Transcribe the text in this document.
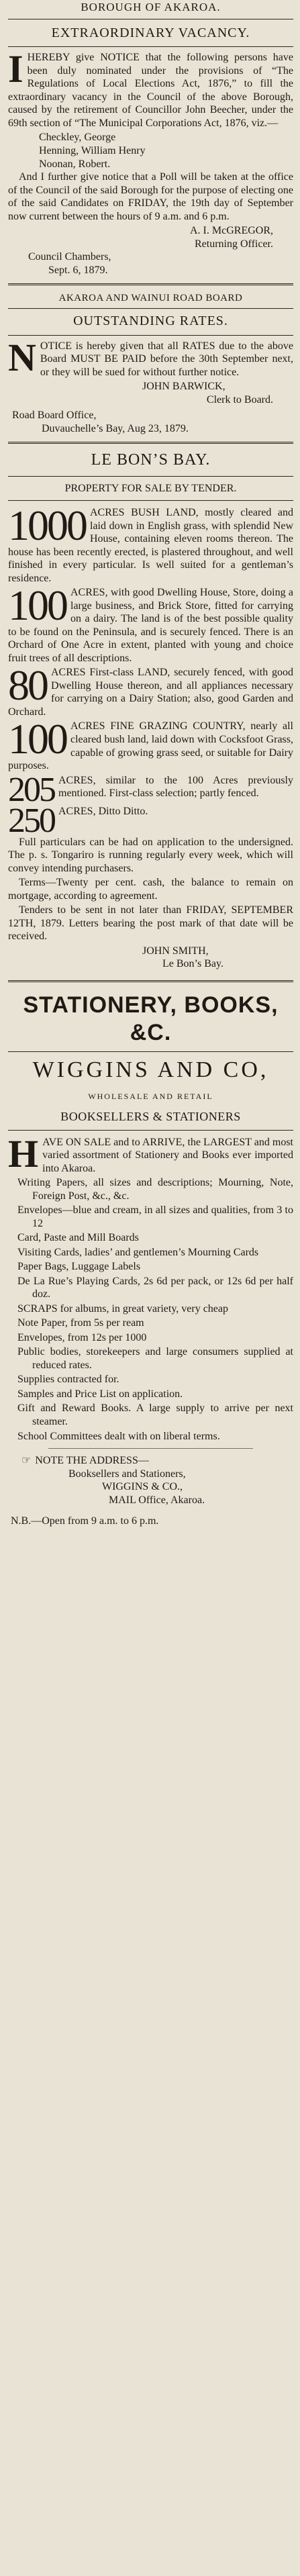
BOROUGH OF AKAROA.
EXTRAORDINARY VACANCY.

IHEREBY give NOTICE that the following persons have been duly nominated under the provisions of “The Regulations of Local Elections Act, 1876,” to fill the extraordinary vacancy in the Council of the above Borough, caused by the retirement of Councillor John Beecher, under the 69th section of “The Municipal Corporations Act, 1876, viz.—

Checkley, George
Henning, William Henry
Noonan, Robert.

And I further give notice that a Poll will be taken at the office of the Council of the said Borough for the purpose of electing one of the said Candidates on FRIDAY, the 19th day of September now current between the hours of 9 a.m. and 6 p.m.

A. I. McGREGOR,
Returning Officer.
Council Chambers,
Sept. 6, 1879.
AKAROA AND WAINUI ROAD BOARD
OUTSTANDING RATES.

NOTICE is hereby given that all RATES due to the above Board MUST BE PAID before the 30th September next, or they will be sued for without further notice.

JOHN BARWICK,
Clerk to Board.
Road Board Office,
Duvauchelle’s Bay, Aug 23, 1879.
LE BON’S BAY.
PROPERTY FOR SALE BY TENDER.

1000 ACRES BUSH LAND, mostly cleared and laid down in English grass, with splendid New House, containing eleven rooms thereon. The house has been recently erected, is plastered throughout, and well finished in every particular. Is well suited for a gentleman’s residence.

100 ACRES, with good Dwelling House, Store, doing a large business, and Brick Store, fitted for carrying on a dairy. The land is of the best possible quality to be found on the Peninsula, and is securely fenced. There is an Orchard of One Acre in extent, planted with young and choice fruit trees of all descriptions.

80 ACRES First-class LAND, securely fenced, with good Dwelling House thereon, and all appliances necessary for carrying on a Dairy Station; also, good Garden and Orchard.

100 ACRES FINE GRAZING COUNTRY, nearly all cleared bush land, laid down with Cocksfoot Grass, capable of growing grass seed, or suitable for Dairy purposes.

205 ACRES, similar to the 100 Acres previously mentioned. First-class selection; partly fenced.

250 ACRES, Ditto Ditto.

Full particulars can be had on application to the undersigned. The p. s. Tongariro is running regularly every week, which will convey intending purchasers.

Terms—Twenty per cent. cash, the balance to remain on mortgage, according to agreement.

Tenders to be sent in not later than FRIDAY, SEPTEMBER 12TH, 1879. Letters bearing the post mark of that date will be received.

JOHN SMITH,
Le Bon’s Bay.
STATIONERY, BOOKS, &C.
WIGGINS AND CO,
WHOLESALE AND RETAIL
BOOKSELLERS & STATIONERS

HAVE ON SALE and to ARRIVE, the LARGEST and most varied assortment of Stationery and Books ever imported into Akaroa.

Writing Papers, all sizes and descriptions; Mourning, Note, Foreign Post, &c., &c.

Envelopes—blue and cream, in all sizes and qualities, from 3 to 12

Card, Paste and Mill Boards

Visiting Cards, ladies’ and gentlemen’s Mourning Cards

Paper Bags, Luggage Labels

De La Rue’s Playing Cards, 2s 6d per pack, or 12s 6d per half doz.

SCRAPS for albums, in great variety, very cheap

Note Paper, from 5s per ream

Envelopes, from 12s per 1000

Public bodies, storekeepers and large consumers supplied at reduced rates.

Supplies contracted for.

Samples and Price List on application.

Gift and Reward Books. A large supply to arrive per next steamer.

School Committees dealt with on liberal terms.

☞ NOTE THE ADDRESS—
Booksellers and Stationers,
WIGGINS & CO.,
MAIL Office, Akaroa.
N.B.—Open from 9 a.m. to 6 p.m.
